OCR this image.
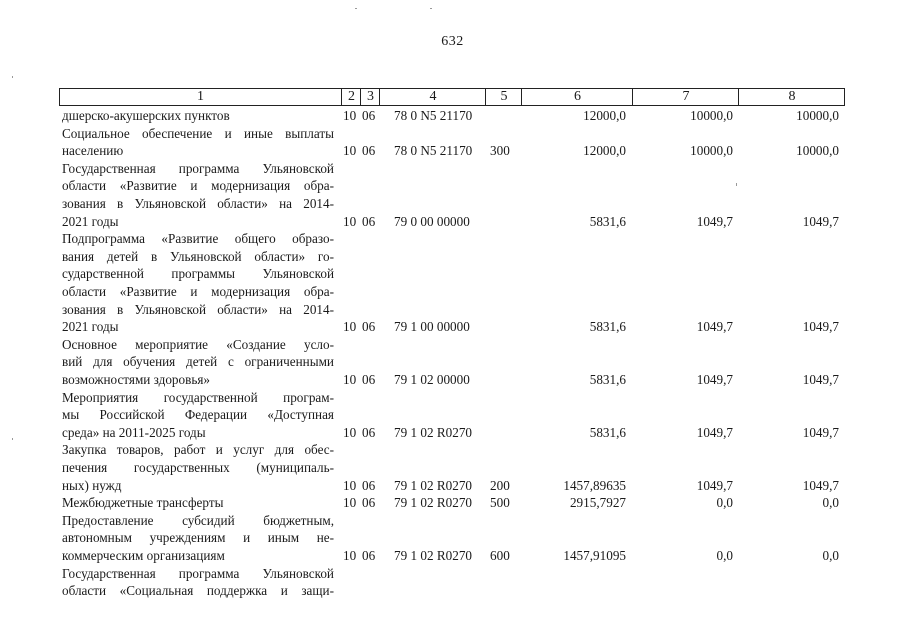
632
1	2 3	4	5	6	7	8
дшерско-акушерских пунктов	10 06 78 0 N5 21170	12000,0	10000,0	10000,0
Социальное обеспечение и иные выплаты
населению	10 06 78 0 N5 21170 300	12000,0	10000,0	10000,0
Государственная программа Ульяновской
области «Развитие и модернизация обра-
зования в Ульяновской области» на 2014-
2021 годы	10 06 79 0 00 00000	5831,6	1049,7	1049,7
Подпрограмма «Развитие общего образо-
вания детей в Ульяновской области» го-
сударственной программы Ульяновской
области «Развитие и модернизация обра-
зования в Ульяновской области» на 2014-
2021 годы	10 06 79 1 00 00000	5831,6	1049,7	1049,7
Основное мероприятие «Создание усло-
вий для обучения детей с ограниченными
возможностями здоровья»	10 06 79 1 02 00000	5831,6	1049,7	1049,7
Мероприятия государственной програм-
мы Российской Федерации «Доступная
среда» на 2011-2025 годы	10 06 79 1 02 R0270	5831,6	1049,7	1049,7
Закупка товаров, работ и услуг для обес-
печения государственных (муниципаль-
ных) нужд	10 06 79 1 02 R0270 200	1457,89635	1049,7	1049,7
Межбюджетные трансферты	10 06 79 1 02 R0270 500	2915,7927	0,0	0,0
Предоставление субсидий бюджетным,
автономным учреждениям и иным не-
коммерческим организациям	10 06 79 1 02 R0270 600	1457,91095	0,0	0,0
Государственная программа Ульяновской
области «Социальная поддержка и защи-
